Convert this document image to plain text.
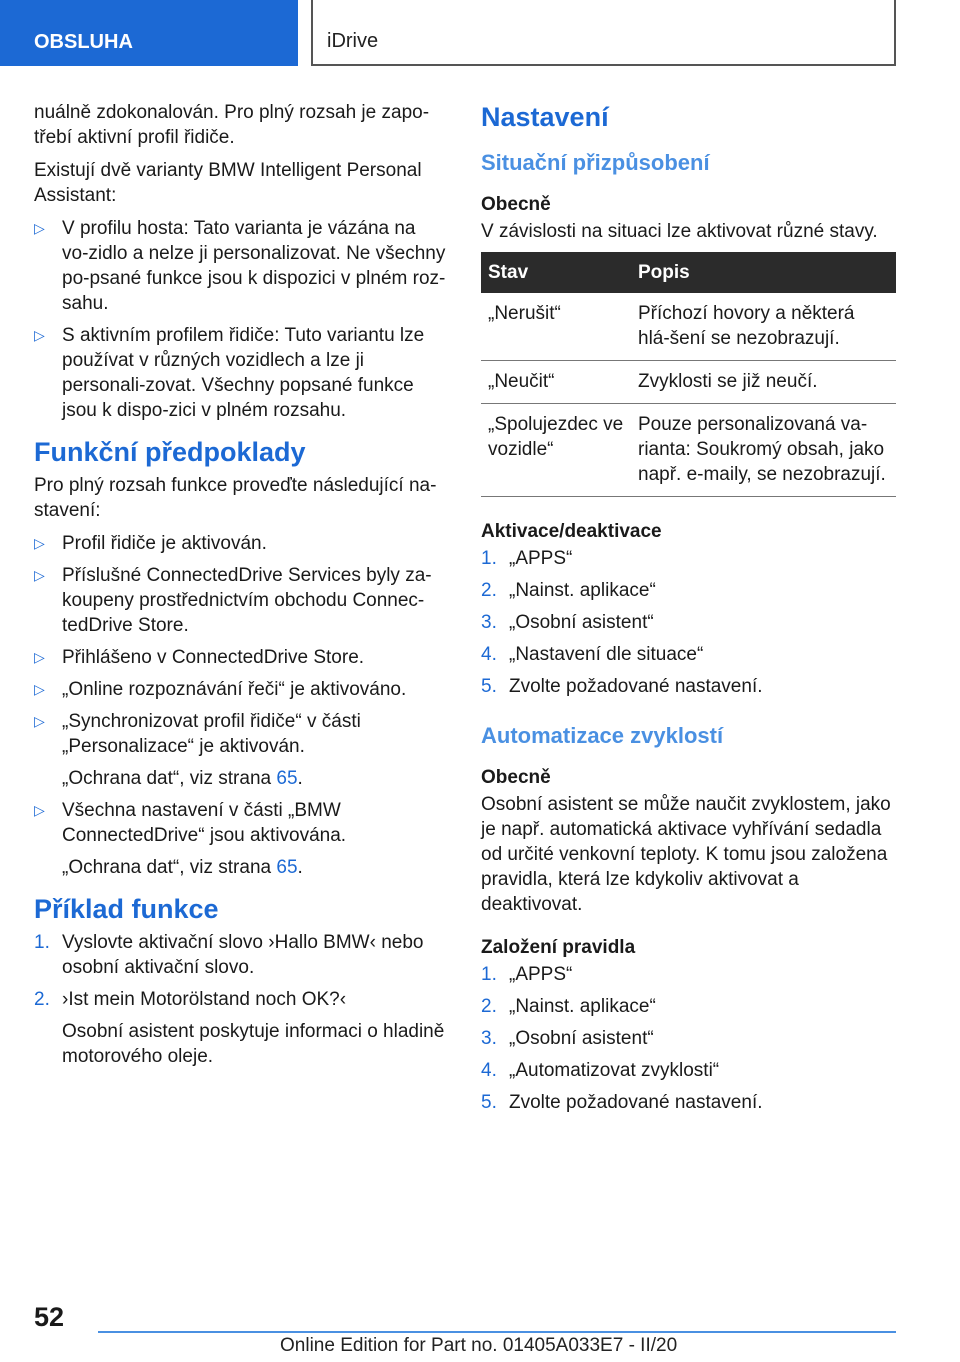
OBSLUHA	iDrive

nuálně zdokonalován. Pro plný rozsah je zapo-třebí aktivní profil řidiče.

Existují dvě varianty BMW Intelligent Personal Assistant:

▷ V profilu hosta: Tato varianta je vázána na vo-zidlo a nelze ji personalizovat. Ne všechny po-psané funkce jsou k dispozici v plném roz-sahu.
▷ S aktivním profilem řidiče: Tuto variantu lze používat v různých vozidlech a lze ji personali-zovat. Všechny popsané funkce jsou k dispo-zici v plném rozsahu.
Funkční předpoklady

Pro plný rozsah funkce proveďte následující na-stavení:

▷ Profil řidiče je aktivován.
▷ Příslušné ConnectedDrive Services byly za-koupeny prostřednictvím obchodu Connec-tedDrive Store.
▷ Přihlášeno v ConnectedDrive Store.
▷ „Online rozpoznávání řeči“ je aktivováno.
▷ „Synchronizovat profil řidiče“ v části „Personalizace“ je aktivován.
„Ochrana dat“, viz strana 65.
▷ Všechna nastavení v části „BMW ConnectedDrive“ jsou aktivována.
„Ochrana dat“, viz strana 65.
Příklad funkce
1. Vyslovte aktivační slovo ›Hallo BMW‹ nebo osobní aktivační slovo.
2. ›Ist mein Motorölstand noch OK?‹
Osobní asistent poskytuje informaci o hladině motorového oleje.
Nastavení
Situační přizpůsobení
Obecně

V závislosti na situaci lze aktivovat různé stavy.

Stav	Popis
„Nerušit“	Příchozí hovory a některá hlá-šení se nezobrazují.
„Neučit“	Zvyklosti se již neučí.
„Spolujezdec ve vozidle“	Pouze personalizovaná va-rianta: Soukromý obsah, jako např. e-maily, se nezobrazují.
Aktivace/deaktivace
1. „APPS“
2. „Nainst. aplikace“
3. „Osobní asistent“
4. „Nastavení dle situace“
5. Zvolte požadované nastavení.
Automatizace zvyklostí
Obecně

Osobní asistent se může naučit zvyklostem, jako je např. automatická aktivace vyhřívání sedadla od určité venkovní teploty. K tomu jsou založena pravidla, která lze kdykoliv aktivovat a deaktivovat.

Založení pravidla
1. „APPS“
2. „Nainst. aplikace“
3. „Osobní asistent“
4. „Automatizovat zvyklosti“
5. Zvolte požadované nastavení.
52
Online Edition for Part no. 01405A033E7 - II/20
